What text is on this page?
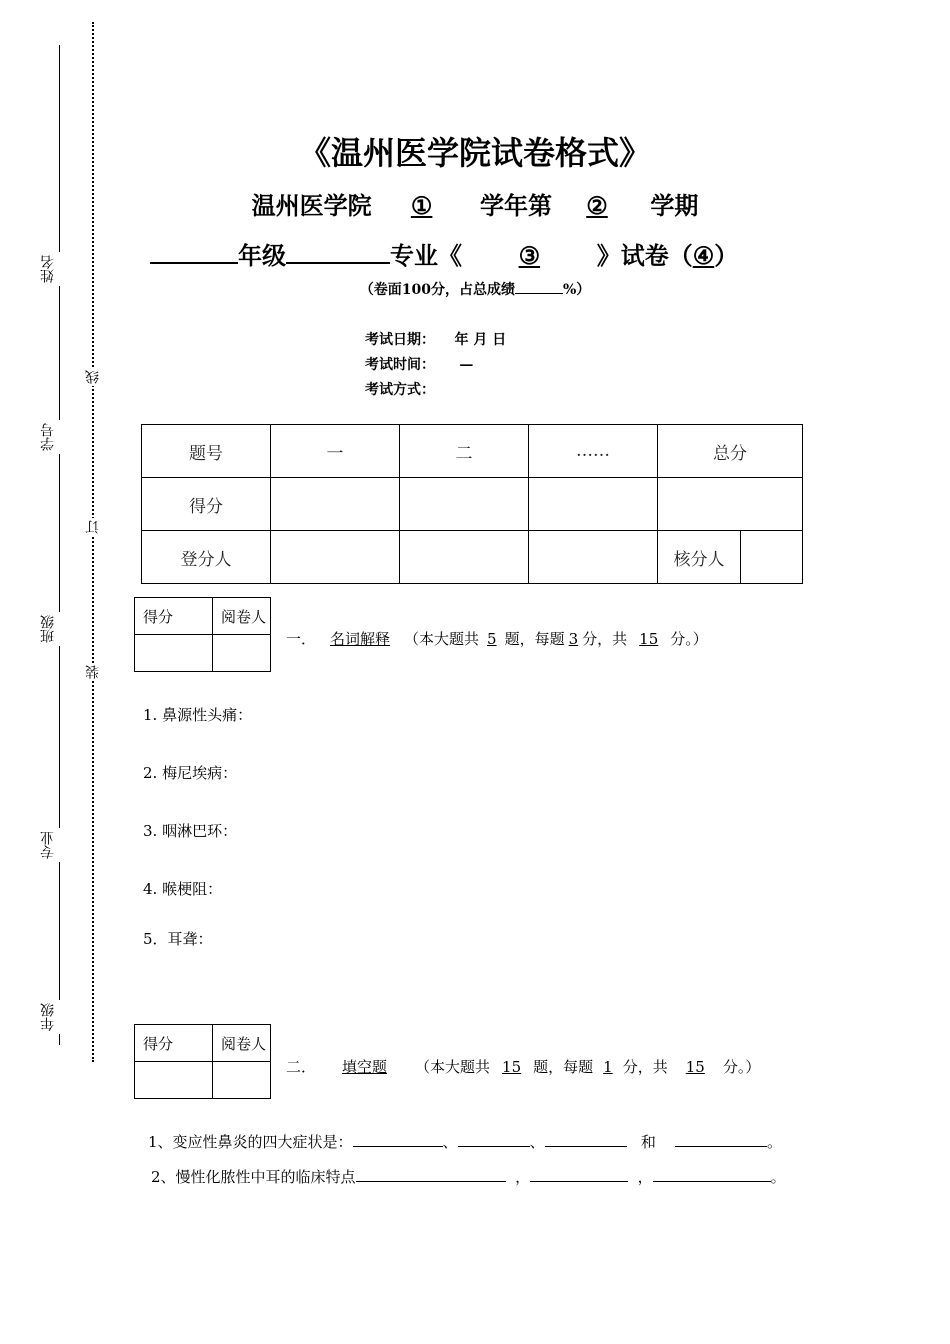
姓名
学号
班级
专业
年级
线
订
装
《温州医学院试卷格式》
温州医学院 ① 学年第 ② 学期
年级	专业《 ③ 》试卷（④）
（卷面100分，占总成绩	%）
考试日期： 年 月 日
考试时间： —
考试方式：
题号	一	二	……	总分	
得分					
登分人				核分人	
得分	阅卷人

一． 名词解释 （本大题共 5 题，每题 3 分，共 15 分。）
1. 鼻源性头痛：
2. 梅尼埃病：
3. 咽淋巴环：
4. 喉梗阻：
5．耳聋：
得分	阅卷人

二． 填空题 （本大题共 15 题，每题 1 分，共 15 分。）
1、变应性鼻炎的四大症状是：	、	、	和	。
2、慢性化脓性中耳的临床特点	，	，	。
